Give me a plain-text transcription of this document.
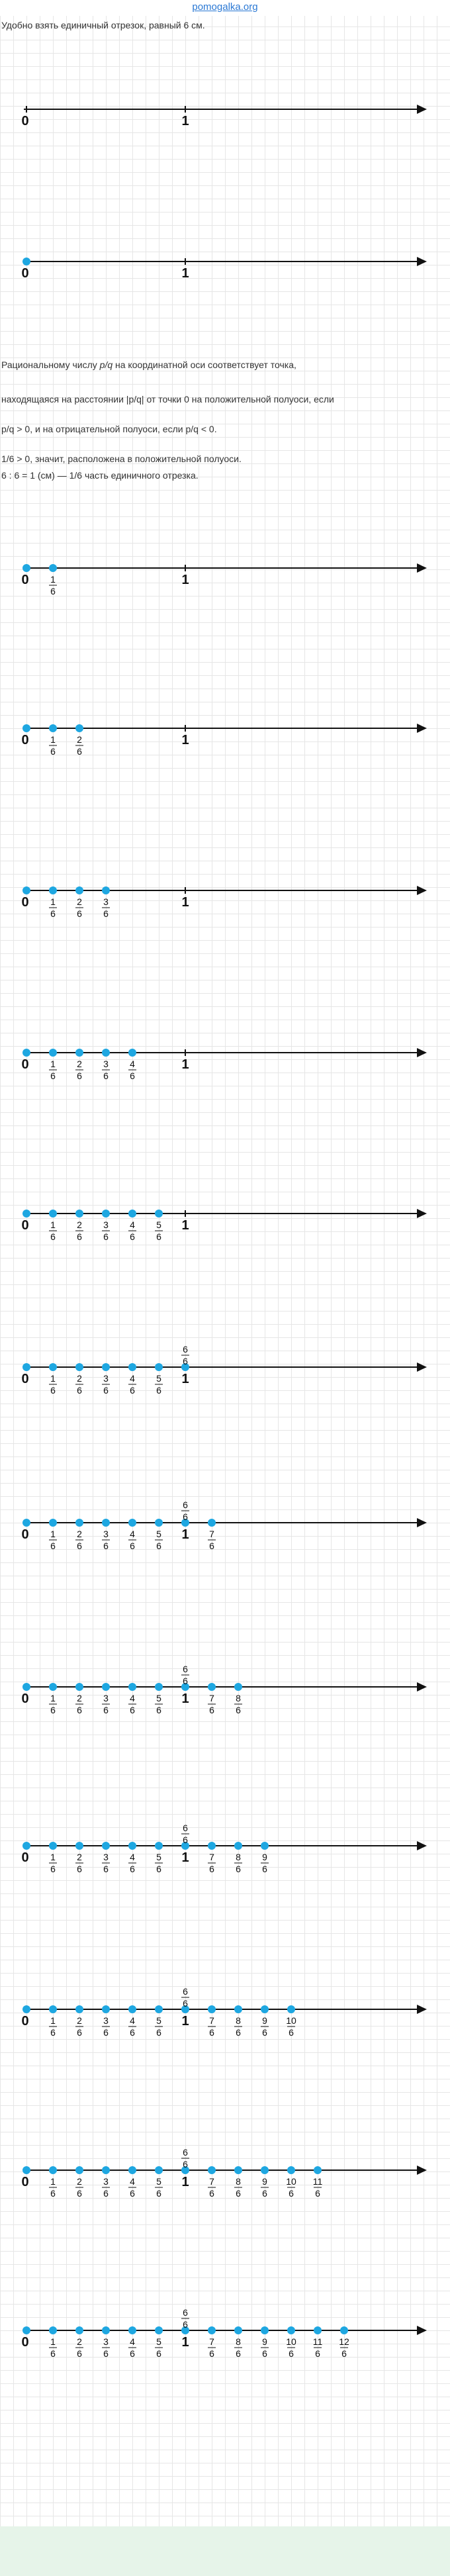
pomogalka.org
Удобно взять единичный отрезок, равный 6 см.
0	1
0	1
0	1
1
6
0	1
1
6
2
6
0	1
1
6
2
6
3
6
0	1
1
6
2
6
3
6
4
6
0	1
1
6
2
6
3
6
4
6
5
6
0	1
1
6
2
6
3
6
4
6
5
6
6
6
0	1
1
6
2
6
3
6
4
6
5
6
7
6
6
6
0	1
1
6
2
6
3
6
4
6
5
6
7
6
8
6
6
6
0	1
1
6
2
6
3
6
4
6
5
6
7
6
8
6
9
6
6
6
0	1
1
6
2
6
3
6
4
6
5
6
7
6
8
6
9
6
10
6
6
6
0	1
1
6
2
6
3
6
4
6
5
6
7
6
8
6
9
6
10
6
11
6
6
6
0	1
1
6
2
6
3
6
4
6
5
6
7
6
8
6
9
6
10
6
11
6
12
6
6
6
Рациональному числу p/q на координатной оси соответствует точка,
находящаяся на расстоянии |p/q| от точки 0 на положительной полуоси, если
p/q > 0, и на отрицательной полуоси, если p/q < 0.
1/6 > 0, значит, расположена в положительной полуоси.
6 : 6 = 1 (см) — 1/6 часть единичного отрезка.
